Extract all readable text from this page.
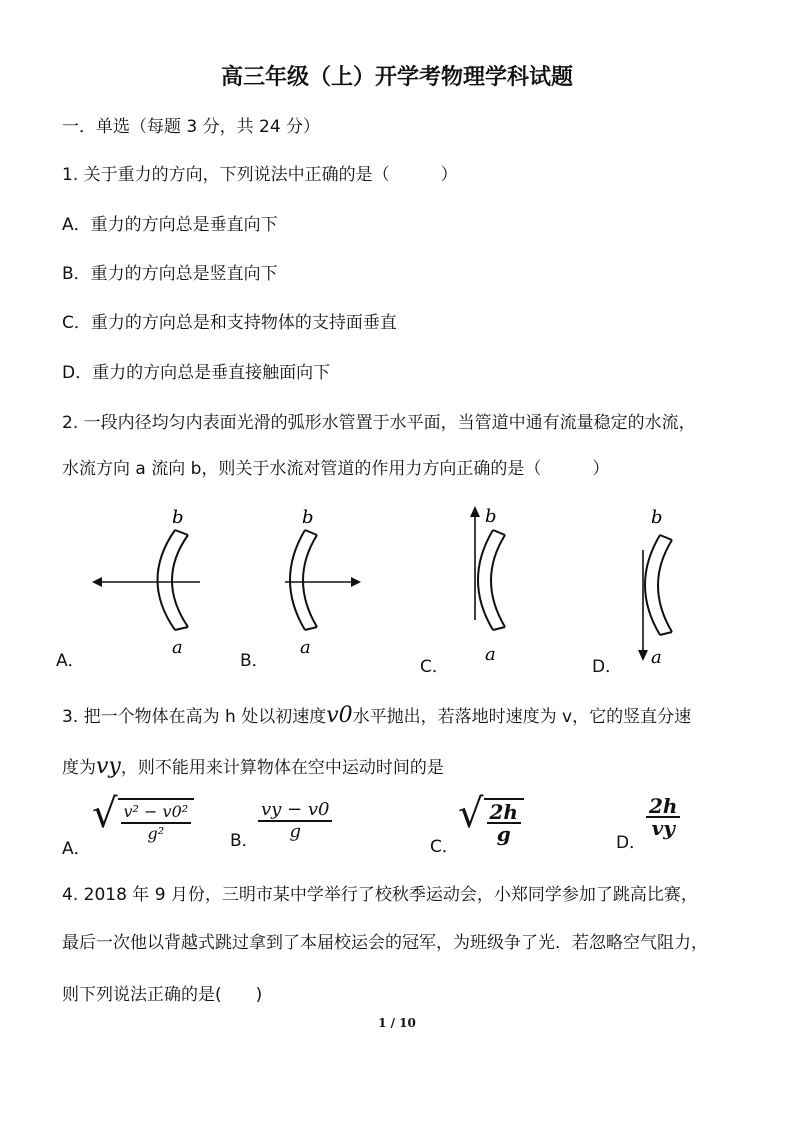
高三年级（上）开学考物理学科试题
一．单选（每题 3 分，共 24 分）
1. 关于重力的方向，下列说法中正确的是（　　　）
A．重力的方向总是垂直向下
B．重力的方向总是竖直向下
C．重力的方向总是和支持物体的支持面垂直
D．重力的方向总是垂直接触面向下
2. 一段内径均匀内表面光滑的弧形水管置于水平面，当管道中通有流量稳定的水流，
水流方向 a 流向 b，则关于水流对管道的作用力方向正确的是（　　　）
b
a
A．
b
a
B．
b
a
C．
b
a
D．
3. 把一个物体在高为 h 处以初速度v0水平抛出，若落地时速度为 v，它的竖直分速
度为vy，则不能用来计算物体在空中运动时间的是
A．
√ $\frac{\text{v² − v0²}}{\text{g²}}$ B． $\frac{vy - v0}{g}$
C．
√ $\frac{2h}{g}$	D．
$\frac{2h}{vy}$
4. 2018 年 9 月份，三明市某中学举行了校秋季运动会，小郑同学参加了跳高比赛，
最后一次他以背越式跳过拿到了本届校运会的冠军，为班级争了光．若忽略空气阻力，
则下列说法正确的是(　　)
1 / 10
